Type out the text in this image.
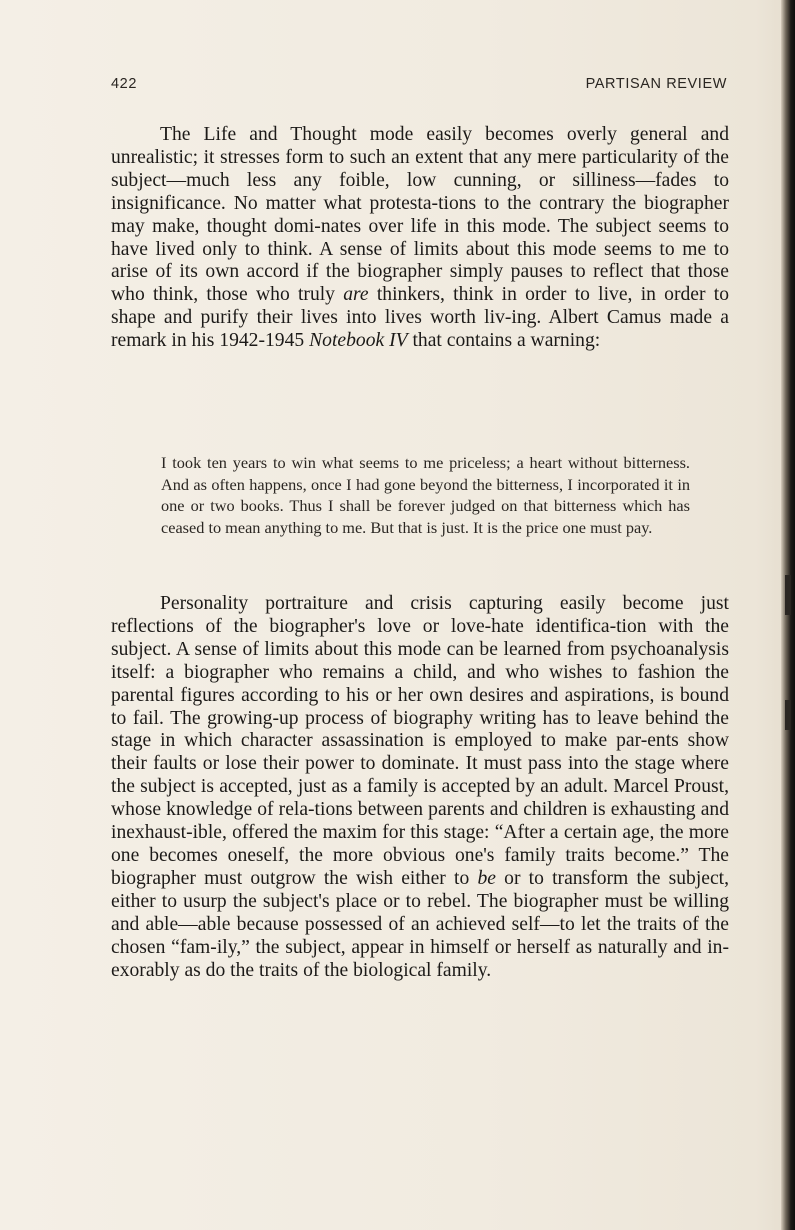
422	PARTISAN REVIEW

The Life and Thought mode easily becomes overly general and unrealistic; it stresses form to such an extent that any mere particularity of the subject—much less any foible, low cunning, or silliness—fades to insignificance. No matter what protesta-tions to the contrary the biographer may make, thought domi-nates over life in this mode. The subject seems to have lived only to think. A sense of limits about this mode seems to me to arise of its own accord if the biographer simply pauses to reflect that those who think, those who truly are thinkers, think in order to live, in order to shape and purify their lives into lives worth liv-ing. Albert Camus made a remark in his 1942-1945 Notebook IV that contains a warning:

I took ten years to win what seems to me priceless; a heart without bitterness. And as often happens, once I had gone beyond the bitterness, I incorporated it in one or two books. Thus I shall be forever judged on that bitterness which has ceased to mean anything to me. But that is just. It is the price one must pay.

Personality portraiture and crisis capturing easily become just reflections of the biographer's love or love-hate identifica-tion with the subject. A sense of limits about this mode can be learned from psychoanalysis itself: a biographer who remains a child, and who wishes to fashion the parental figures according to his or her own desires and aspirations, is bound to fail. The growing-up process of biography writing has to leave behind the stage in which character assassination is employed to make par-ents show their faults or lose their power to dominate. It must pass into the stage where the subject is accepted, just as a family is accepted by an adult. Marcel Proust, whose knowledge of rela-tions between parents and children is exhausting and inexhaust-ible, offered the maxim for this stage: “After a certain age, the more one becomes oneself, the more obvious one's family traits become.” The biographer must outgrow the wish either to be or to transform the subject, either to usurp the subject's place or to rebel. The biographer must be willing and able—able because possessed of an achieved self—to let the traits of the chosen “fam-ily,” the subject, appear in himself or herself as naturally and in-exorably as do the traits of the biological family.
